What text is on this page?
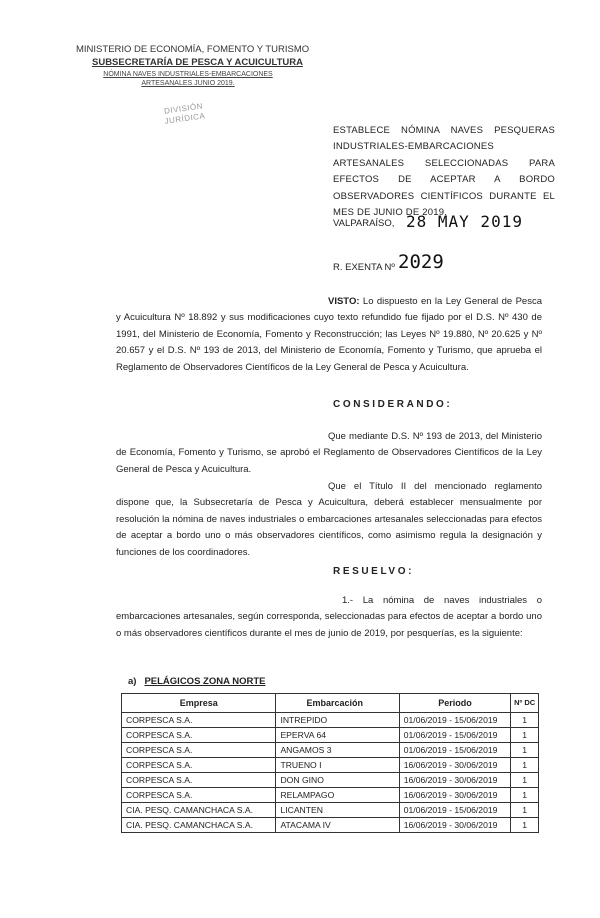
MINISTERIO DE ECONOMÍA, FOMENTO Y TURISMO
SUBSECRETARÍA DE PESCA Y ACUICULTURA
NÓMINA NAVES INDUSTRIALES-EMBARCACIONES ARTESANALES JUNIO 2019.
DIVISIÓN JURÍDICA
ESTABLECE NÓMINA NAVES PESQUERAS INDUSTRIALES-EMBARCACIONES ARTESANALES SELECCIONADAS PARA EFECTOS DE ACEPTAR A BORDO OBSERVADORES CIENTÍFICOS DURANTE EL MES DE JUNIO DE 2019.
VALPARAÍSO, 28 MAY 2019
R. EXENTA Nº 2029
VISTO: Lo dispuesto en la Ley General de Pesca y Acuicultura Nº 18.892 y sus modificaciones cuyo texto refundido fue fijado por el D.S. Nº 430 de 1991, del Ministerio de Economía, Fomento y Reconstrucción; las Leyes Nº 19.880, Nº 20.625 y Nº 20.657 y el D.S. Nº 193 de 2013, del Ministerio de Economía, Fomento y Turismo, que aprueba el Reglamento de Observadores Científicos de la Ley General de Pesca y Acuicultura.
CONSIDERANDO:
Que mediante D.S. Nº 193 de 2013, del Ministerio de Economía, Fomento y Turismo, se aprobó el Reglamento de Observadores Científicos de la Ley General de Pesca y Acuicultura.
Que el Título II del mencionado reglamento dispone que, la Subsecretaría de Pesca y Acuicultura, deberá establecer mensualmente por resolución la nómina de naves industriales o embarcaciones artesanales seleccionadas para efectos de aceptar a bordo uno o más observadores científicos, como asimismo regula la designación y funciones de los coordinadores.
RESUELVO:
1.- La nómina de naves industriales o embarcaciones artesanales, según corresponda, seleccionadas para efectos de aceptar a bordo uno o más observadores científicos durante el mes de junio de 2019, por pesquerías, es la siguiente:
a) PELÁGICOS ZONA NORTE
Empresa	Embarcación	Periodo	Nº DC
CORPESCA S.A.	INTREPIDO	01/06/2019 - 15/06/2019	1
CORPESCA S.A.	EPERVA 64	01/06/2019 - 15/06/2019	1
CORPESCA S.A.	ANGAMOS 3	01/06/2019 - 15/06/2019	1
CORPESCA S.A.	TRUENO I	16/06/2019 - 30/06/2019	1
CORPESCA S.A.	DON GINO	16/06/2019 - 30/06/2019	1
CORPESCA S.A.	RELAMPAGO	16/06/2019 - 30/06/2019	1
CIA. PESQ. CAMANCHACA S.A.	LICANTEN	01/06/2019 - 15/06/2019	1
CIA. PESQ. CAMANCHACA S.A.	ATACAMA IV	16/06/2019 - 30/06/2019	1
